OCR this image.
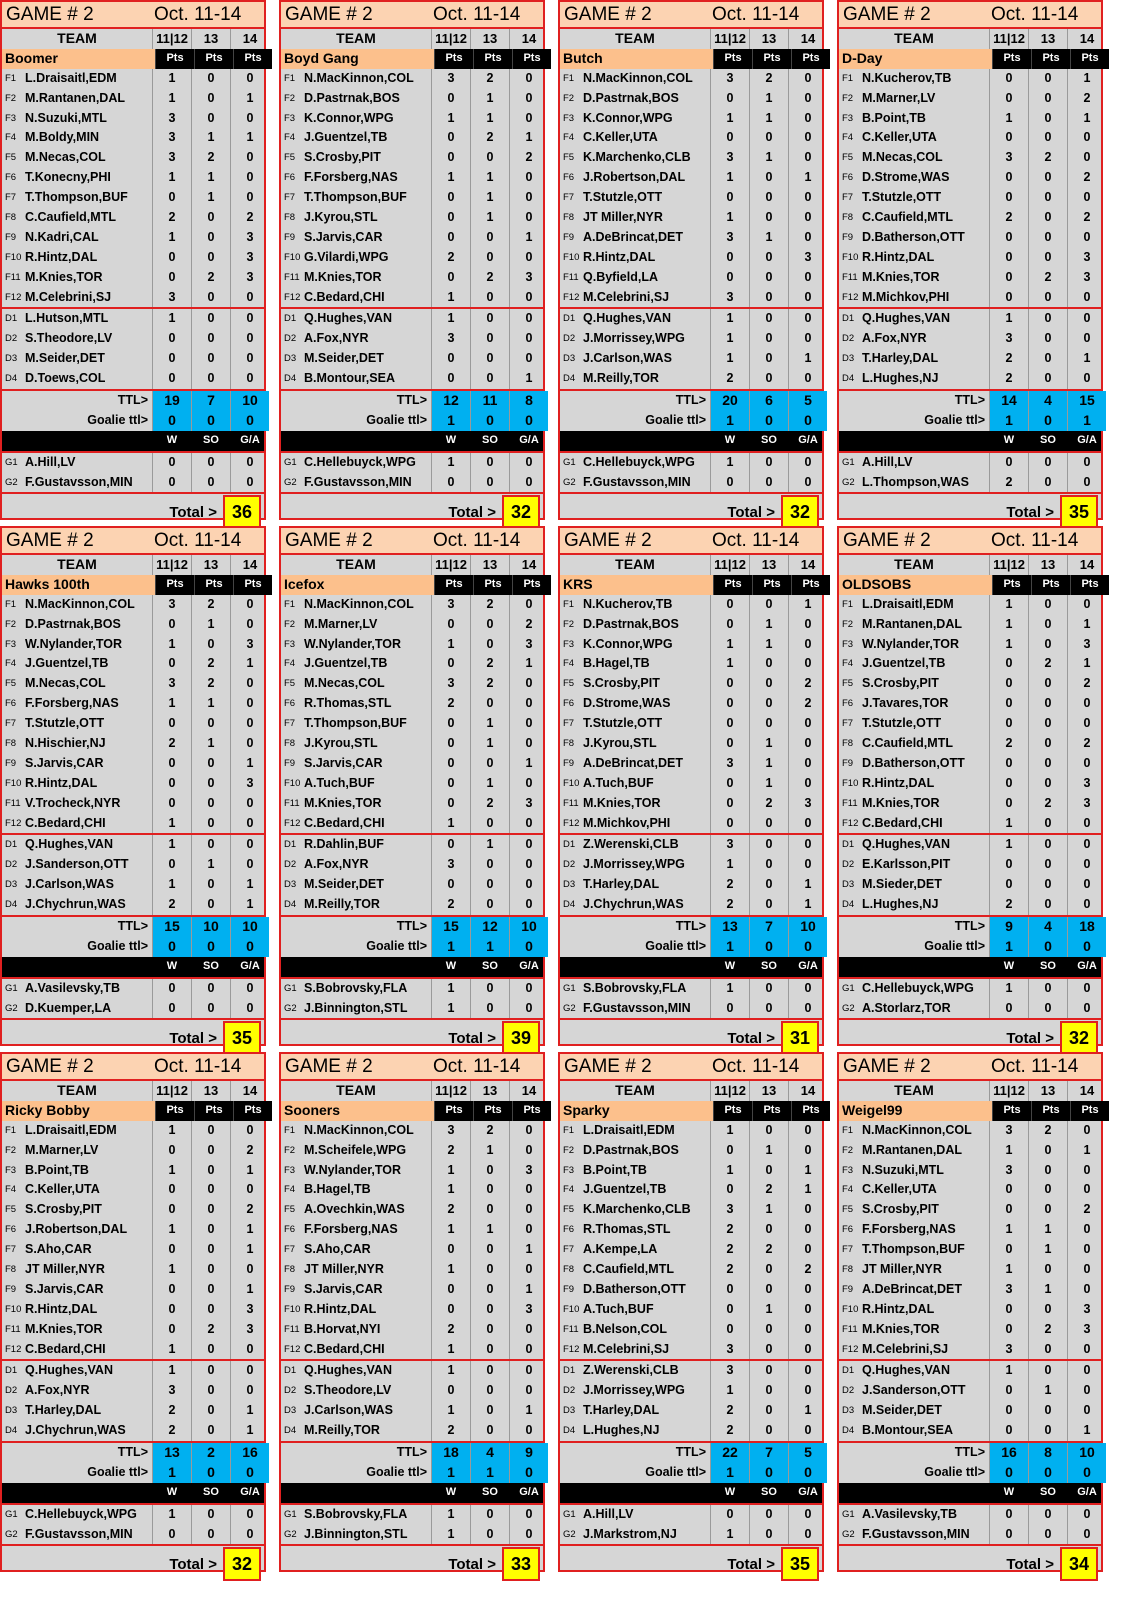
GAME # 2	Oct. 11-14
TEAM	11|12	13	14
Boomer	Pts	Pts	Pts
F1 L.Draisaitl,EDM	1	0	0
F2 M.Rantanen,DAL	1	0	1
F3 N.Suzuki,MTL	3	0	0
F4 M.Boldy,MIN	3	1	1
F5 M.Necas,COL	3	2	0
F6 T.Konecny,PHI	1	1	0
F7 T.Thompson,BUF	0	1	0
F8 C.Caufield,MTL	2	0	2
F9 N.Kadri,CAL	1	0	3
F10 R.Hintz,DAL	0	0	3
F11 M.Knies,TOR	0	2	3
F12 M.Celebrini,SJ	3	0	0
D1 L.Hutson,MTL	1	0	0
D2 S.Theodore,LV	0	0	0
D3 M.Seider,DET	0	0	0
D4 D.Toews,COL	0	0	0
TTL>	19	7	10
Goalie ttl>	0	0	0
W	SO	G/A
G1 A.Hill,LV	0	0	0
G2 F.Gustavsson,MIN	0	0	0
Total > 36
GAME # 2	Oct. 11-14
TEAM	11|12	13	14
Boyd Gang	Pts	Pts	Pts
F1 N.MacKinnon,COL	3	2	0
F2 D.Pastrnak,BOS	0	1	0
F3 K.Connor,WPG	1	1	0
F4 J.Guentzel,TB	0	2	1
F5 S.Crosby,PIT	0	0	2
F6 F.Forsberg,NAS	1	1	0
F7 T.Thompson,BUF	0	1	0
F8 J.Kyrou,STL	0	1	0
F9 S.Jarvis,CAR	0	0	1
F10 G.Vilardi,WPG	2	0	0
F11 M.Knies,TOR	0	2	3
F12 C.Bedard,CHI	1	0	0
D1 Q.Hughes,VAN	1	0	0
D2 A.Fox,NYR	3	0	0
D3 M.Seider,DET	0	0	0
D4 B.Montour,SEA	0	0	1
TTL>	12	11	8
Goalie ttl>	1	0	0
W	SO	G/A
G1 C.Hellebuyck,WPG	1	0	0
G2 F.Gustavsson,MIN	0	0	0
Total > 32
GAME # 2	Oct. 11-14
TEAM	11|12	13	14
Butch	Pts	Pts	Pts
F1 N.MacKinnon,COL	3	2	0
F2 D.Pastrnak,BOS	0	1	0
F3 K.Connor,WPG	1	1	0
F4 C.Keller,UTA	0	0	0
F5 K.Marchenko,CLB	3	1	0
F6 J.Robertson,DAL	1	0	1
F7 T.Stutzle,OTT	0	0	0
F8 JT Miller,NYR	1	0	0
F9 A.DeBrincat,DET	3	1	0
F10 R.Hintz,DAL	0	0	3
F11 Q.Byfield,LA	0	0	0
F12 M.Celebrini,SJ	3	0	0
D1 Q.Hughes,VAN	1	0	0
D2 J.Morrissey,WPG	1	0	0
D3 J.Carlson,WAS	1	0	1
D4 M.Reilly,TOR	2	0	0
TTL>	20	6	5
Goalie ttl>	1	0	0
W	SO	G/A
G1 C.Hellebuyck,WPG	1	0	0
G2 F.Gustavsson,MIN	0	0	0
Total > 32
GAME # 2	Oct. 11-14
TEAM	11|12	13	14
D-Day	Pts	Pts	Pts
F1 N.Kucherov,TB	0	0	1
F2 M.Marner,LV	0	0	2
F3 B.Point,TB	1	0	1
F4 C.Keller,UTA	0	0	0
F5 M.Necas,COL	3	2	0
F6 D.Strome,WAS	0	0	2
F7 T.Stutzle,OTT	0	0	0
F8 C.Caufield,MTL	2	0	2
F9 D.Batherson,OTT	0	0	0
F10 R.Hintz,DAL	0	0	3
F11 M.Knies,TOR	0	2	3
F12 M.Michkov,PHI	0	0	0
D1 Q.Hughes,VAN	1	0	0
D2 A.Fox,NYR	3	0	0
D3 T.Harley,DAL	2	0	1
D4 L.Hughes,NJ	2	0	0
TTL>	14	4	15
Goalie ttl>	1	0	1
W	SO	G/A
G1 A.Hill,LV	0	0	0
G2 L.Thompson,WAS	2	0	0
Total > 35
GAME # 2	Oct. 11-14
TEAM	11|12	13	14
Hawks 100th	Pts	Pts	Pts
F1 N.MacKinnon,COL	3	2	0
F2 D.Pastrnak,BOS	0	1	0
F3 W.Nylander,TOR	1	0	3
F4 J.Guentzel,TB	0	2	1
F5 M.Necas,COL	3	2	0
F6 F.Forsberg,NAS	1	1	0
F7 T.Stutzle,OTT	0	0	0
F8 N.Hischier,NJ	2	1	0
F9 S.Jarvis,CAR	0	0	1
F10 R.Hintz,DAL	0	0	3
F11 V.Trocheck,NYR	0	0	0
F12 C.Bedard,CHI	1	0	0
D1 Q.Hughes,VAN	1	0	0
D2 J.Sanderson,OTT	0	1	0
D3 J.Carlson,WAS	1	0	1
D4 J.Chychrun,WAS	2	0	1
TTL>	15	10	10
Goalie ttl>	0	0	0
W	SO	G/A
G1 A.Vasilevsky,TB	0	0	0
G2 D.Kuemper,LA	0	0	0
Total > 35
GAME # 2	Oct. 11-14
TEAM	11|12	13	14
Icefox	Pts	Pts	Pts
F1 N.MacKinnon,COL	3	2	0
F2 M.Marner,LV	0	0	2
F3 W.Nylander,TOR	1	0	3
F4 J.Guentzel,TB	0	2	1
F5 M.Necas,COL	3	2	0
F6 R.Thomas,STL	2	0	0
F7 T.Thompson,BUF	0	1	0
F8 J.Kyrou,STL	0	1	0
F9 S.Jarvis,CAR	0	0	1
F10 A.Tuch,BUF	0	1	0
F11 M.Knies,TOR	0	2	3
F12 C.Bedard,CHI	1	0	0
D1 R.Dahlin,BUF	0	1	0
D2 A.Fox,NYR	3	0	0
D3 M.Seider,DET	0	0	0
D4 M.Reilly,TOR	2	0	0
TTL>	15	12	10
Goalie ttl>	1	1	0
W	SO	G/A
G1 S.Bobrovsky,FLA	1	0	0
G2 J.Binnington,STL	1	0	0
Total > 39
GAME # 2	Oct. 11-14
TEAM	11|12	13	14
KRS	Pts	Pts	Pts
F1 N.Kucherov,TB	0	0	1
F2 D.Pastrnak,BOS	0	1	0
F3 K.Connor,WPG	1	1	0
F4 B.Hagel,TB	1	0	0
F5 S.Crosby,PIT	0	0	2
F6 D.Strome,WAS	0	0	2
F7 T.Stutzle,OTT	0	0	0
F8 J.Kyrou,STL	0	1	0
F9 A.DeBrincat,DET	3	1	0
F10 A.Tuch,BUF	0	1	0
F11 M.Knies,TOR	0	2	3
F12 M.Michkov,PHI	0	0	0
D1 Z.Werenski,CLB	3	0	0
D2 J.Morrissey,WPG	1	0	0
D3 T.Harley,DAL	2	0	1
D4 J.Chychrun,WAS	2	0	1
TTL>	13	7	10
Goalie ttl>	1	0	0
W	SO	G/A
G1 S.Bobrovsky,FLA	1	0	0
G2 F.Gustavsson,MIN	0	0	0
Total > 31
GAME # 2	Oct. 11-14
TEAM	11|12	13	14
OLDSOBS	Pts	Pts	Pts
F1 L.Draisaitl,EDM	1	0	0
F2 M.Rantanen,DAL	1	0	1
F3 W.Nylander,TOR	1	0	3
F4 J.Guentzel,TB	0	2	1
F5 S.Crosby,PIT	0	0	2
F6 J.Tavares,TOR	0	0	0
F7 T.Stutzle,OTT	0	0	0
F8 C.Caufield,MTL	2	0	2
F9 D.Batherson,OTT	0	0	0
F10 R.Hintz,DAL	0	0	3
F11 M.Knies,TOR	0	2	3
F12 C.Bedard,CHI	1	0	0
D1 Q.Hughes,VAN	1	0	0
D2 E.Karlsson,PIT	0	0	0
D3 M.Sieder,DET	0	0	0
D4 L.Hughes,NJ	2	0	0
TTL>	9	4	18
Goalie ttl>	1	0	0
W	SO	G/A
G1 C.Hellebuyck,WPG	1	0	0
G2 A.Storlarz,TOR	0	0	0
Total > 32
GAME # 2	Oct. 11-14
TEAM	11|12	13	14
Ricky Bobby	Pts	Pts	Pts
F1 L.Draisaitl,EDM	1	0	0
F2 M.Marner,LV	0	0	2
F3 B.Point,TB	1	0	1
F4 C.Keller,UTA	0	0	0
F5 S.Crosby,PIT	0	0	2
F6 J.Robertson,DAL	1	0	1
F7 S.Aho,CAR	0	0	1
F8 JT Miller,NYR	1	0	0
F9 S.Jarvis,CAR	0	0	1
F10 R.Hintz,DAL	0	0	3
F11 M.Knies,TOR	0	2	3
F12 C.Bedard,CHI	1	0	0
D1 Q.Hughes,VAN	1	0	0
D2 A.Fox,NYR	3	0	0
D3 T.Harley,DAL	2	0	1
D4 J.Chychrun,WAS	2	0	1
TTL>	13	2	16
Goalie ttl>	1	0	0
W	SO	G/A
G1 C.Hellebuyck,WPG	1	0	0
G2 F.Gustavsson,MIN	0	0	0
Total > 32
GAME # 2	Oct. 11-14
TEAM	11|12	13	14
Sooners	Pts	Pts	Pts
F1 N.MacKinnon,COL	3	2	0
F2 M.Scheifele,WPG	2	1	0
F3 W.Nylander,TOR	1	0	3
F4 B.Hagel,TB	1	0	0
F5 A.Ovechkin,WAS	2	0	0
F6 F.Forsberg,NAS	1	1	0
F7 S.Aho,CAR	0	0	1
F8 JT Miller,NYR	1	0	0
F9 S.Jarvis,CAR	0	0	1
F10 R.Hintz,DAL	0	0	3
F11 B.Horvat,NYI	2	0	0
F12 C.Bedard,CHI	1	0	0
D1 Q.Hughes,VAN	1	0	0
D2 S.Theodore,LV	0	0	0
D3 J.Carlson,WAS	1	0	1
D4 M.Reilly,TOR	2	0	0
TTL>	18	4	9
Goalie ttl>	1	1	0
W	SO	G/A
G1 S.Bobrovsky,FLA	1	0	0
G2 J.Binnington,STL	1	0	0
Total > 33
GAME # 2	Oct. 11-14
TEAM	11|12	13	14
Sparky	Pts	Pts	Pts
F1 L.Draisaitl,EDM	1	0	0
F2 D.Pastrnak,BOS	0	1	0
F3 B.Point,TB	1	0	1
F4 J.Guentzel,TB	0	2	1
F5 K.Marchenko,CLB	3	1	0
F6 R.Thomas,STL	2	0	0
F7 A.Kempe,LA	2	2	0
F8 C.Caufield,MTL	2	0	2
F9 D.Batherson,OTT	0	0	0
F10 A.Tuch,BUF	0	1	0
F11 B.Nelson,COL	0	0	0
F12 M.Celebrini,SJ	3	0	0
D1 Z.Werenski,CLB	3	0	0
D2 J.Morrissey,WPG	1	0	0
D3 T.Harley,DAL	2	0	1
D4 L.Hughes,NJ	2	0	0
TTL>	22	7	5
Goalie ttl>	1	0	0
W	SO	G/A
G1 A.Hill,LV	0	0	0
G2 J.Markstrom,NJ	1	0	0
Total > 35
GAME # 2	Oct. 11-14
TEAM	11|12	13	14
Weigel99	Pts	Pts	Pts
F1 N.MacKinnon,COL	3	2	0
F2 M.Rantanen,DAL	1	0	1
F3 N.Suzuki,MTL	3	0	0
F4 C.Keller,UTA	0	0	0
F5 S.Crosby,PIT	0	0	2
F6 F.Forsberg,NAS	1	1	0
F7 T.Thompson,BUF	0	1	0
F8 JT Miller,NYR	1	0	0
F9 A.DeBrincat,DET	3	1	0
F10 R.Hintz,DAL	0	0	3
F11 M.Knies,TOR	0	2	3
F12 M.Celebrini,SJ	3	0	0
D1 Q.Hughes,VAN	1	0	0
D2 J.Sanderson,OTT	0	1	0
D3 M.Seider,DET	0	0	0
D4 B.Montour,SEA	0	0	1
TTL>	16	8	10
Goalie ttl>	0	0	0
W	SO	G/A
G1 A.Vasilevsky,TB	0	0	0
G2 F.Gustavsson,MIN	0	0	0
Total > 34
